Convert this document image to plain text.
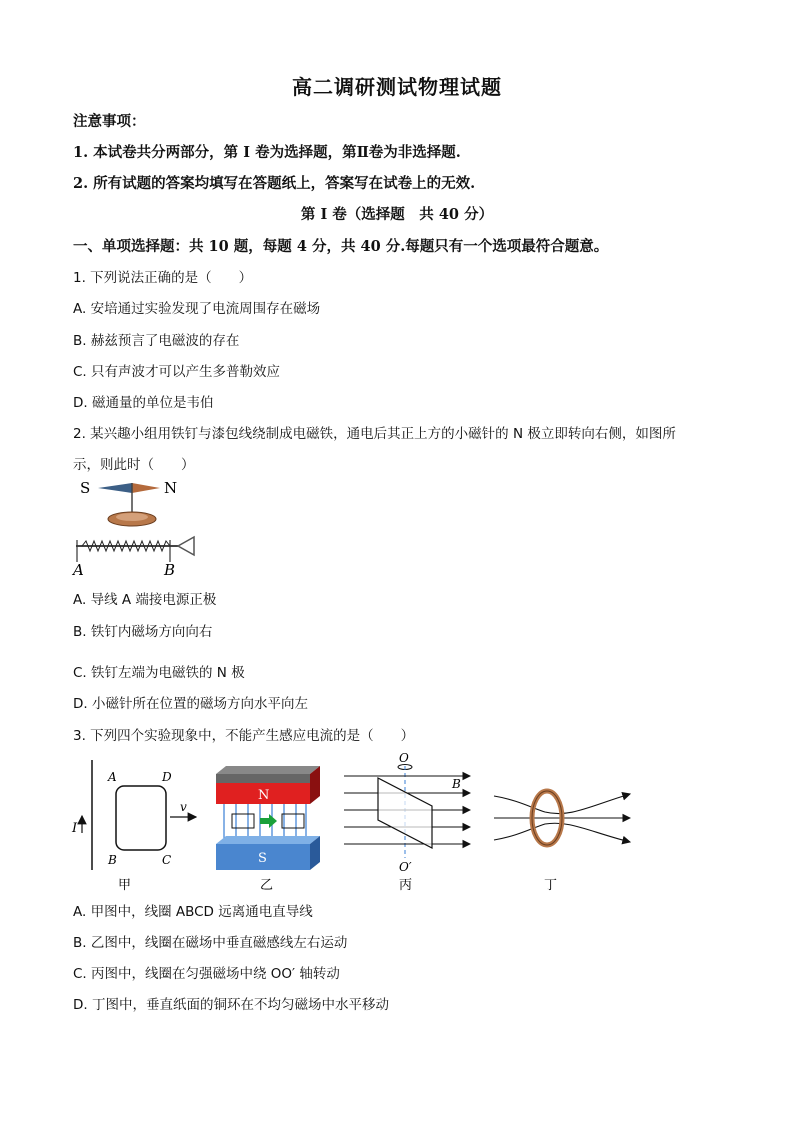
高二调研测试物理试题
注意事项：
1. 本试卷共分两部分，第 I 卷为选择题，第Ⅱ卷为非选择题.
2. 所有试题的答案均填写在答题纸上，答案写在试卷上的无效.
第 I 卷（选择题　共 40 分）
一、单项选择题：共 10 题，每题 4 分，共 40 分.每题只有一个选项最符合题意。
1. 下列说法正确的是（　　）
A. 安培通过实验发现了电流周围存在磁场
B. 赫兹预言了电磁波的存在
C. 只有声波才可以产生多普勒效应
D. 磁通量的单位是韦伯
2. 某兴趣小组用铁钉与漆包线绕制成电磁铁，通电后其正上方的小磁针的 N 极立即转向右侧，如图所
示，则此时（　　）
S	N
A	B
A. 导线 A 端接电源正极
B. 铁钉内磁场方向向右
C. 铁钉左端为电磁铁的 N 极
D. 小磁针所在位置的磁场方向水平向左
3. 下列四个实验现象中，不能产生感应电流的是（　　）
I
A	D
B	C
v
甲
N
S
乙
O
B
O′
丙	丁
A. 甲图中，线圈 ABCD 远离通电直导线
B. 乙图中，线圈在磁场中垂直磁感线左右运动
C. 丙图中，线圈在匀强磁场中绕 OO′ 轴转动
D. 丁图中，垂直纸面的铜环在不均匀磁场中水平移动
